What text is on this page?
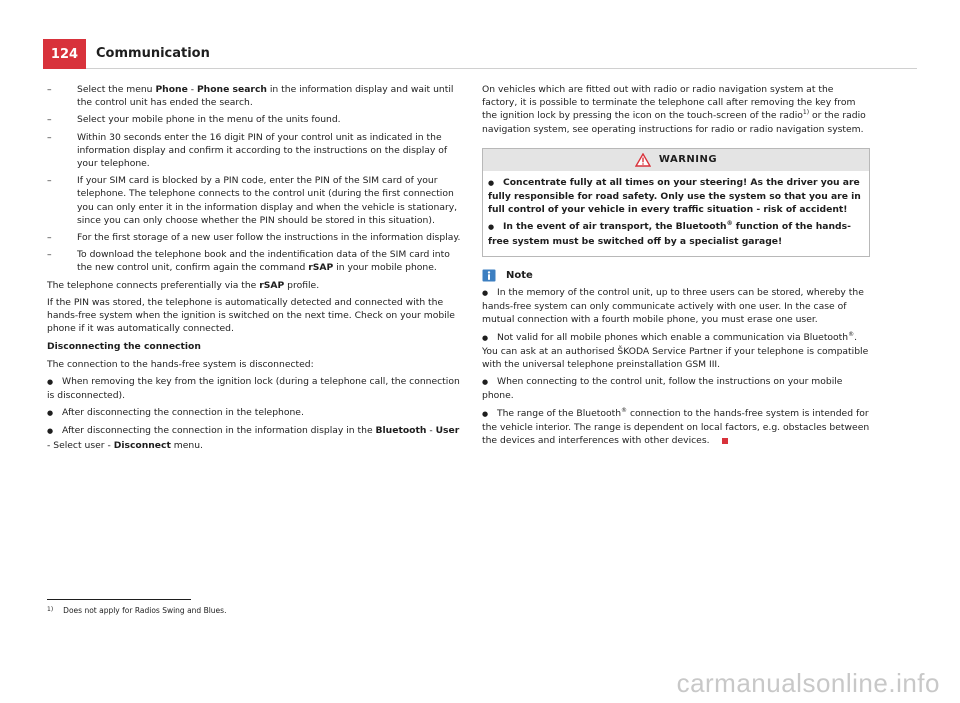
124 Communication
–	Select the menu Phone - Phone search in the information display and wait until the control unit has ended the search.
–	Select your mobile phone in the menu of the units found.
–	Within 30 seconds enter the 16 digit PIN of your control unit as indicated in the information display and confirm it according to the instructions on the display of your telephone.
–	If your SIM card is blocked by a PIN code, enter the PIN of the SIM card of your telephone. The telephone connects to the control unit (during the first connection you can only enter it in the information display and when the vehicle is stationary, since you can only choose whether the PIN should be stored in this situation).
–	For the first storage of a new user follow the instructions in the information display.
–	To download the telephone book and the indentification data of the SIM card into the new control unit, confirm again the command rSAP in your mobile phone.

The telephone connects preferentially via the rSAP profile.

If the PIN was stored, the telephone is automatically detected and connected with the hands-free system when the ignition is switched on the next time. Check on your mobile phone if it was automatically connected.

Disconnecting the connection

The connection to the hands-free system is disconnected:

● When removing the key from the ignition lock (during a telephone call, the connection is disconnected).
● After disconnecting the connection in the telephone.
● After disconnecting the connection in the information display in the Bluetooth - User - Select user - Disconnect menu.

On vehicles which are fitted out with radio or radio navigation system at the factory, it is possible to terminate the telephone call after removing the key from the ignition lock by pressing the icon on the touch-screen of the radio$^{1)}$ or the radio navigation system, see operating instructions for radio or radio navigation system.

WARNING
● Concentrate fully at all times on your steering! As the driver you are fully responsible for road safety. Only use the system so that you are in full control of your vehicle in every traffic situation - risk of accident!
● In the event of air transport, the Bluetooth® function of the hands-free system must be switched off by a specialist garage!
Note
● In the memory of the control unit, up to three users can be stored, whereby the hands-free system can only communicate actively with one user. In the case of mutual connection with a fourth mobile phone, you must erase one user.
● Not valid for all mobile phones which enable a communication via Bluetooth®. You can ask at an authorised ŠKODA Service Partner if your telephone is compatible with the universal telephone preinstallation GSM III.
● When connecting to the control unit, follow the instructions on your mobile phone.
● The range of the Bluetooth® connection to the hands-free system is intended for the vehicle interior. The range is dependent on local factors, e.g. obstacles between the devices and interferences with other devices.
$^{1)}$ Does not apply for Radios Swing and Blues.
carmanualsonline.info
